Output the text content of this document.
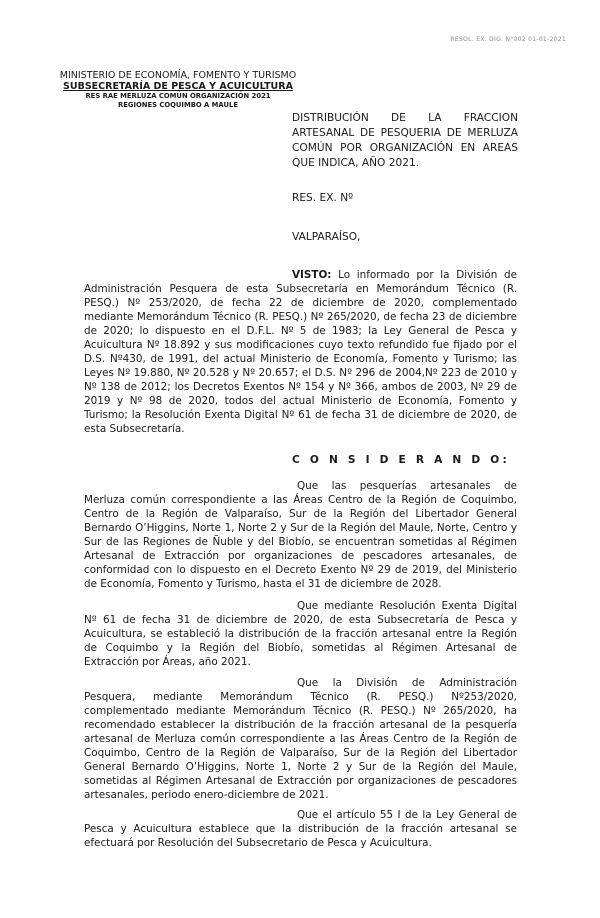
RESOL. EX. DIG. N°002 01-01-2021
MINISTERIO DE ECONOMÍA, FOMENTO Y TURISMO
SUBSECRETARÍA DE PESCA Y ACUICULTURA
RES RAE MERLUZA COMÚN ORGANIZACIÓN 2021
REGIONES COQUIMBO A MAULE
DISTRIBUCIÓN DE LA FRACCION ARTESANAL DE PESQUERIA DE MERLUZA COMÚN POR ORGANIZACIÓN EN AREAS QUE INDICA, AÑO 2021.
RES. EX. Nº
VALPARAÍSO,
VISTO: Lo informado por la División de Administración Pesquera de esta Subsecretaría en Memorándum Técnico (R. PESQ.) Nº 253/2020, de fecha 22 de diciembre de 2020, complementado mediante Memorándum Técnico (R. PESQ.) Nº 265/2020, de fecha 23 de diciembre de 2020; lo dispuesto en el D.F.L. Nº 5 de 1983; la Ley General de Pesca y Acuicultura Nº 18.892 y sus modificaciones cuyo texto refundido fue fijado por el D.S. Nº430, de 1991, del actual Ministerio de Economía, Fomento y Turismo; las Leyes Nº 19.880, Nº 20.528 y Nº 20.657; el D.S. Nº 296 de 2004,Nº 223 de 2010 y Nº 138 de 2012; los Decretos Exentos Nº 154 y Nº 366, ambos de 2003, Nº 29 de 2019 y Nº 98 de 2020, todos del actual Ministerio de Economía, Fomento y Turismo; la Resolución Exenta Digital Nº 61 de fecha 31 de diciembre de 2020, de esta Subsecretaría.
C O N S I D E R A N D O:
Que las pesquerías artesanales de Merluza común correspondiente a las Áreas Centro de la Región de Coquimbo, Centro de la Región de Valparaíso, Sur de la Región del Libertador General Bernardo O’Higgins, Norte 1, Norte 2 y Sur de la Región del Maule, Norte, Centro y Sur de las Regiones de Ñuble y del Biobío, se encuentran sometidas al Régimen Artesanal de Extracción por organizaciones de pescadores artesanales, de conformidad con lo dispuesto en el Decreto Exento Nº 29 de 2019, del Ministerio de Economía, Fomento y Turismo, hasta el 31 de diciembre de 2028.
Que mediante Resolución Exenta Digital Nº 61 de fecha 31 de diciembre de 2020, de esta Subsecretaría de Pesca y Acuicultura, se estableció la distribución de la fracción artesanal entre la Región de Coquimbo y la Región del Biobío, sometidas al Régimen Artesanal de Extracción por Áreas, año 2021.
Que la División de Administración Pesquera, mediante Memorándum Técnico (R. PESQ.) Nº253/2020, complementado mediante Memorándum Técnico (R. PESQ.) Nº 265/2020, ha recomendado establecer la distribución de la fracción artesanal de la pesquería artesanal de Merluza común correspondiente a las Áreas Centro de la Región de Coquimbo, Centro de la Región de Valparaíso, Sur de la Región del Libertador General Bernardo O’Higgins, Norte 1, Norte 2 y Sur de la Región del Maule, sometidas al Régimen Artesanal de Extracción por organizaciones de pescadores artesanales, periodo enero-diciembre de 2021.
Que el artículo 55 I de la Ley General de Pesca y Acuicultura establece que la distribución de la fracción artesanal se efectuará por Resolución del Subsecretario de Pesca y Acuicultura.
